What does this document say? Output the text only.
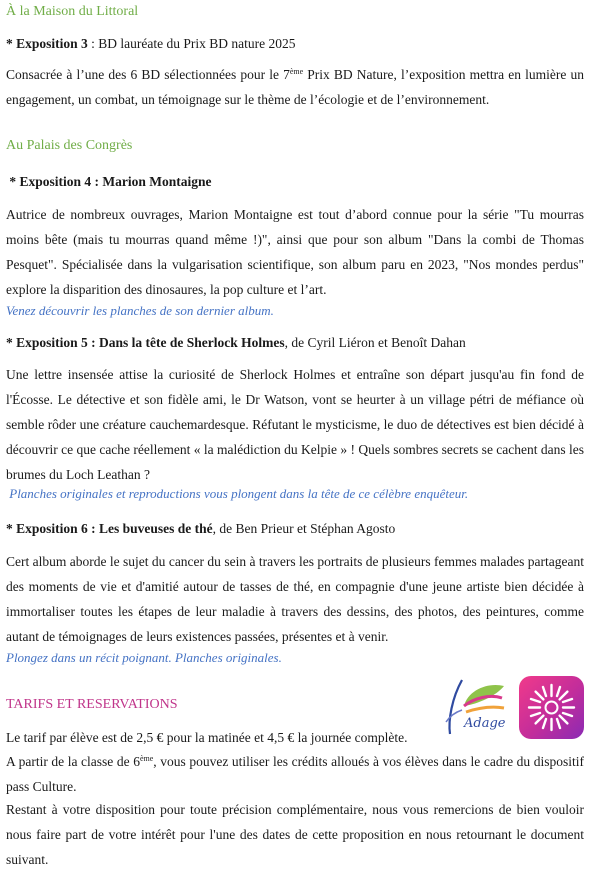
À la Maison du Littoral
* Exposition 3 : BD lauréate du Prix BD nature 2025
Consacrée à l’une des 6 BD sélectionnées pour le 7ème Prix BD Nature, l’exposition mettra en lumière un engagement, un combat, un témoignage sur le thème de l’écologie et de l’environnement.
Au Palais des Congrès
* Exposition 4 : Marion Montaigne
Autrice de nombreux ouvrages, Marion Montaigne est tout d’abord connue pour la série "Tu mourras moins bête (mais tu mourras quand même !)", ainsi que pour son album "Dans la combi de Thomas Pesquet". Spécialisée dans la vulgarisation scientifique, son album paru en 2023, "Nos mondes perdus" explore la disparition des dinosaures, la pop culture et l’art.
Venez découvrir les planches de son dernier album.
* Exposition 5 : Dans la tête de Sherlock Holmes, de Cyril Liéron et Benoît Dahan
Une lettre insensée attise la curiosité de Sherlock Holmes et entraîne son départ jusqu'au fin fond de l'Écosse. Le détective et son fidèle ami, le Dr Watson, vont se heurter à un village pétri de méfiance où semble rôder une créature cauchemardesque. Réfutant le mysticisme, le duo de détectives est bien décidé à découvrir ce que cache réellement « la malédiction du Kelpie » ! Quels sombres secrets se cachent dans les brumes du Loch Leathan ?
Planches originales et reproductions vous plongent dans la tête de ce célèbre enquêteur.
* Exposition 6 : Les buveuses de thé, de Ben Prieur et Stéphan Agosto
Cert album aborde le sujet du cancer du sein à travers les portraits de plusieurs femmes malades partageant des moments de vie et d'amitié autour de tasses de thé, en compagnie d'une jeune artiste bien décidée à immortaliser toutes les étapes de leur maladie à travers des dessins, des photos, des peintures, comme autant de témoignages de leurs existences passées, présentes et à venir.
Plongez dans un récit poignant. Planches originales.
TARIFS ET RESERVATIONS
Le tarif par élève est de 2,5 € pour la matinée et 4,5 € la journée complète.
A partir de la classe de 6ème, vous pouvez utiliser les crédits alloués à vos élèves dans le cadre du dispositif pass Culture.
Restant à votre disposition pour toute précision complémentaire, nous vous remercions de bien vouloir nous faire part de votre intérêt pour l'une des dates de cette proposition en nous retournant le document suivant.
Adage
